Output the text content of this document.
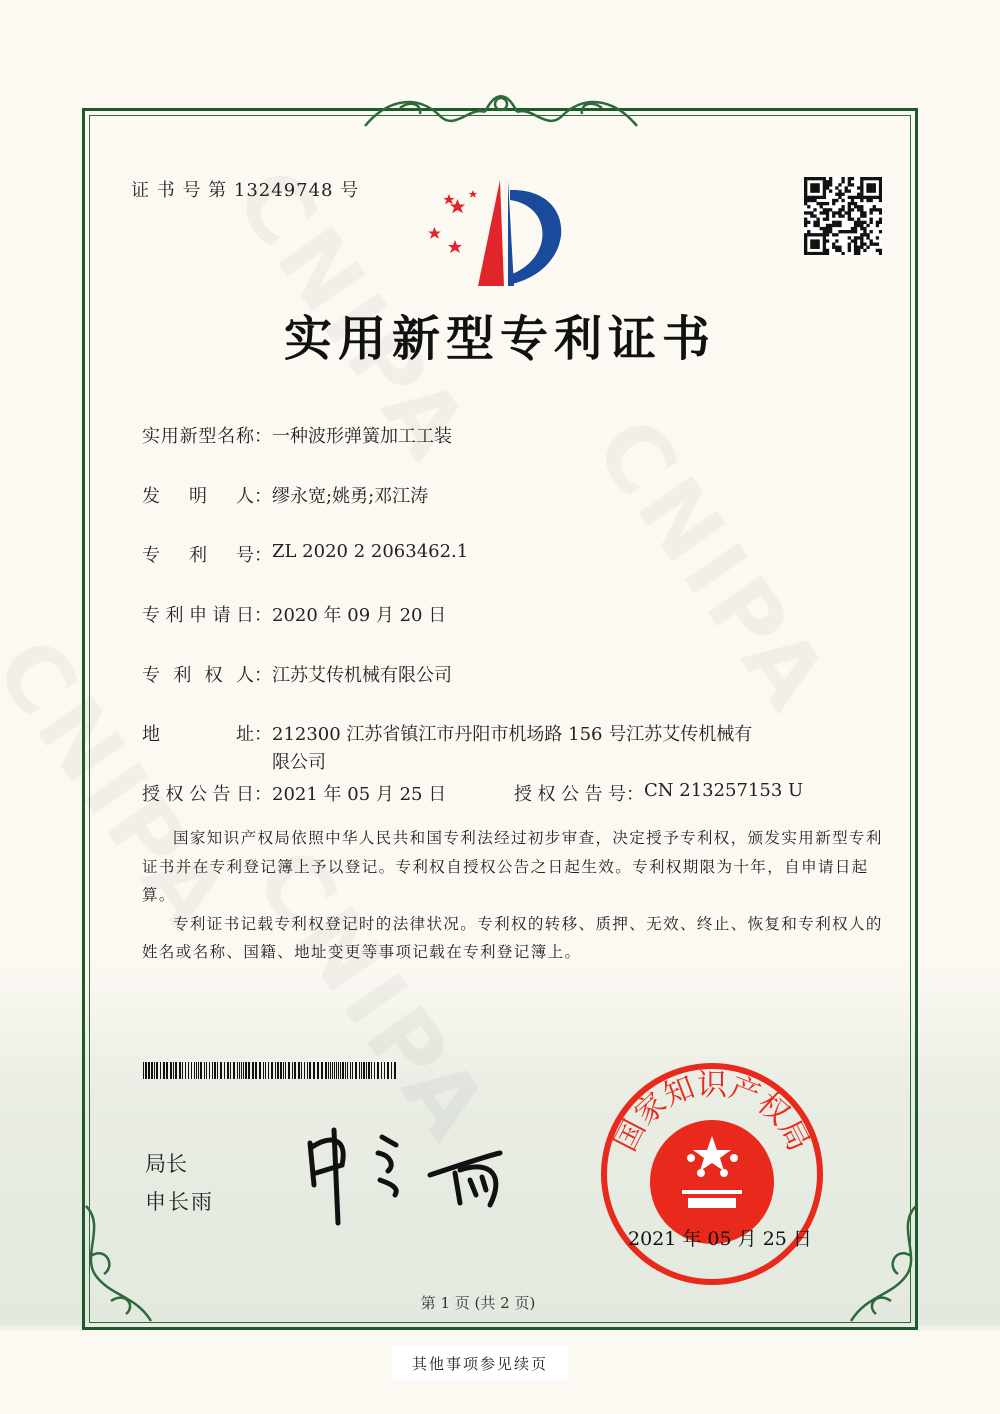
证 书 号 第 13249748 号
实用新型专利证书
实 用 新 型 名 称： 一种波形弹簧加工工装
发 明 人： 缪永宽;姚勇;邓江涛
专 利 号： ZL 2020 2 2063462.1
专 利 申 请 日： 2020 年 09 月 20 日
专 利 权 人： 江苏艾传机械有限公司
地	址： 212300 江苏省镇江市丹阳市机场路 156 号江苏艾传机械有
限公司
授 权 公 告 日： 2021 年 05 月 25 日	授 权 公 告 号： CN 213257153 U

国家知识产权局依照中华人民共和国专利法经过初步审查，决定授予专利权，颁发实用新型专利证书并在专利登记簿上予以登记。专利权自授权公告之日起生效。专利权期限为十年，自申请日起算。

专利证书记载专利权登记时的法律状况。专利权的转移、质押、无效、终止、恢复和专利权人的姓名或名称、国籍、地址变更等事项记载在专利登记簿上。

局长
申长雨
国家知识产权局
2021 年 05 月 25 日
第 1 页 (共 2 页)
其他事项参见续页
